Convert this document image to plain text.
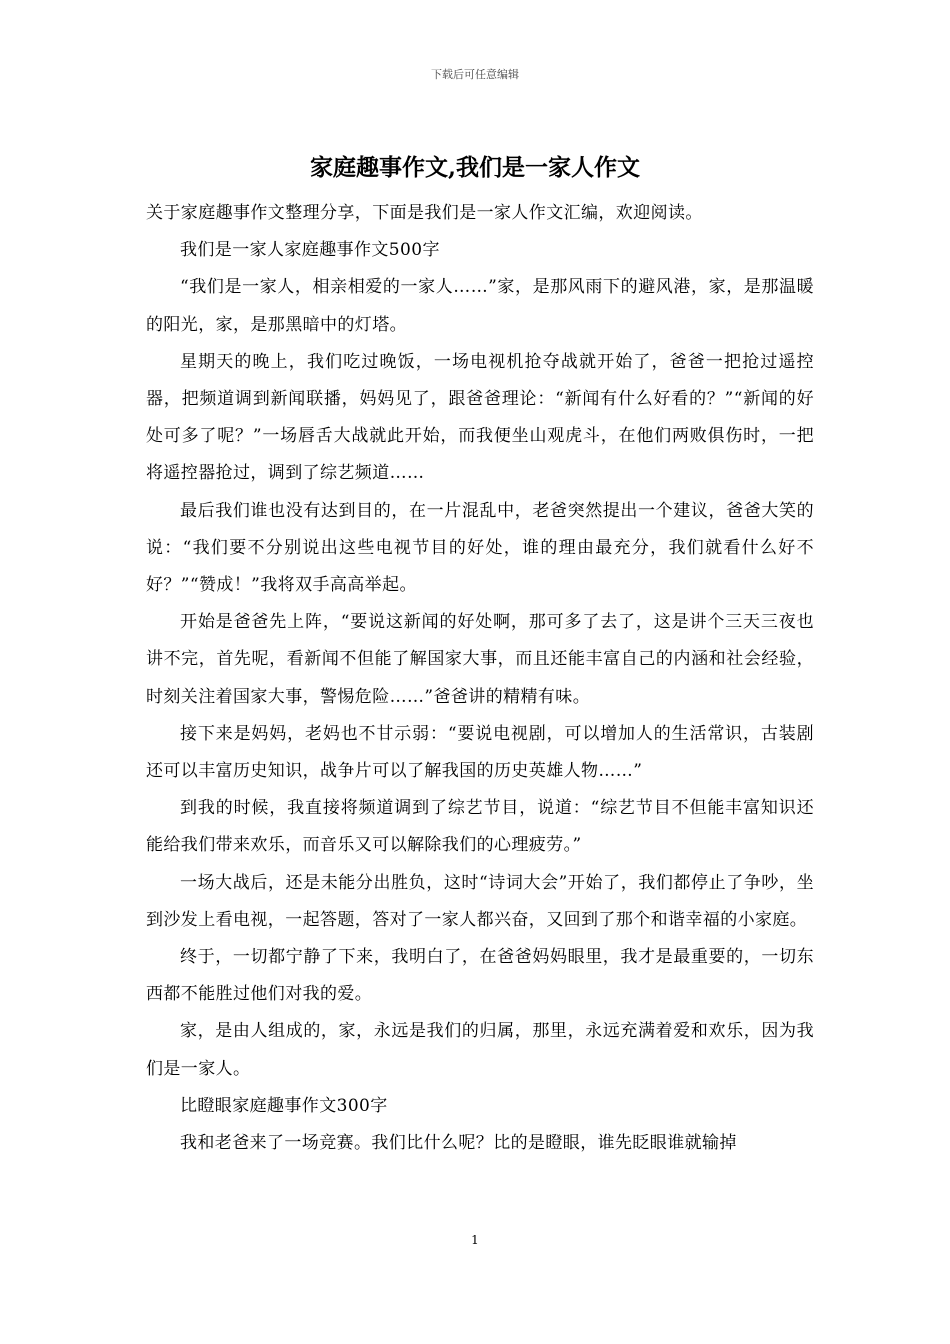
下载后可任意编辑
家庭趣事作文,我们是一家人作文

关于家庭趣事作文整理分享，下面是我们是一家人作文汇编，欢迎阅读。

我们是一家人家庭趣事作文500字

“我们是一家人，相亲相爱的一家人……”家，是那风雨下的避风港，家，是那温暖的阳光，家，是那黑暗中的灯塔。

星期天的晚上，我们吃过晚饭，一场电视机抢夺战就开始了，爸爸一把抢过遥控器，把频道调到新闻联播，妈妈见了，跟爸爸理论：“新闻有什么好看的？”“新闻的好处可多了呢？”一场唇舌大战就此开始，而我便坐山观虎斗，在他们两败俱伤时，一把将遥控器抢过，调到了综艺频道……

最后我们谁也没有达到目的，在一片混乱中，老爸突然提出一个建议，爸爸大笑的说：“我们要不分别说出这些电视节目的好处，谁的理由最充分，我们就看什么好不好？”“赞成！”我将双手高高举起。

开始是爸爸先上阵，“要说这新闻的好处啊，那可多了去了，这是讲个三天三夜也讲不完，首先呢，看新闻不但能了解国家大事，而且还能丰富自己的内涵和社会经验，时刻关注着国家大事，警惕危险……”爸爸讲的精精有味。

接下来是妈妈，老妈也不甘示弱：“要说电视剧，可以增加人的生活常识，古装剧还可以丰富历史知识，战争片可以了解我国的历史英雄人物……”

到我的时候，我直接将频道调到了综艺节目，说道：“综艺节目不但能丰富知识还能给我们带来欢乐，而音乐又可以解除我们的心理疲劳。”

一场大战后，还是未能分出胜负，这时“诗词大会”开始了，我们都停止了争吵，坐到沙发上看电视，一起答题，答对了一家人都兴奋，又回到了那个和谐幸福的小家庭。

终于，一切都宁静了下来，我明白了，在爸爸妈妈眼里，我才是最重要的，一切东西都不能胜过他们对我的爱。

家，是由人组成的，家，永远是我们的归属，那里，永远充满着爱和欢乐，因为我们是一家人。

比瞪眼家庭趣事作文300字

我和老爸来了一场竞赛。我们比什么呢？比的是瞪眼，谁先眨眼谁就输掉

1
